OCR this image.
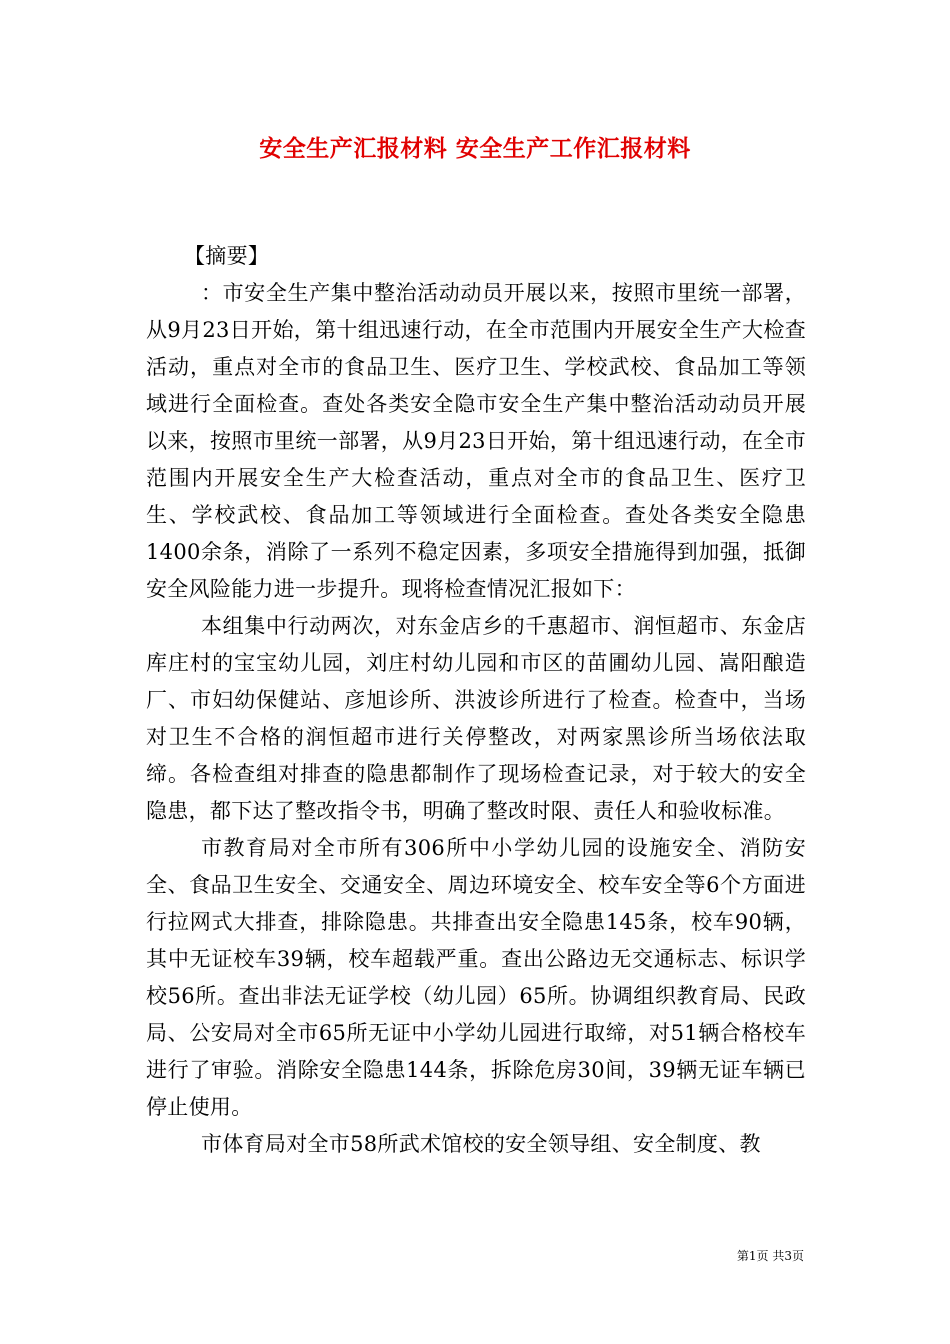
安全生产汇报材料 安全生产工作汇报材料

【摘要】

：市安全生产集中整治活动动员开展以来，按照市里统一部署，从9月23日开始，第十组迅速行动，在全市范围内开展安全生产大检查活动，重点对全市的食品卫生、医疗卫生、学校武校、食品加工等领域进行全面检查。查处各类安全隐市安全生产集中整治活动动员开展以来，按照市里统一部署，从9月23日开始，第十组迅速行动，在全市范围内开展安全生产大检查活动，重点对全市的食品卫生、医疗卫生、学校武校、食品加工等领域进行全面检查。查处各类安全隐患1400余条，消除了一系列不稳定因素，多项安全措施得到加强，抵御安全风险能力进一步提升。现将检查情况汇报如下：

本组集中行动两次，对东金店乡的千惠超市、润恒超市、东金店库庄村的宝宝幼儿园，刘庄村幼儿园和市区的苗圃幼儿园、嵩阳酿造厂、市妇幼保健站、彦旭诊所、洪波诊所进行了检查。检查中，当场对卫生不合格的润恒超市进行关停整改，对两家黑诊所当场依法取缔。各检查组对排查的隐患都制作了现场检查记录，对于较大的安全隐患，都下达了整改指令书，明确了整改时限、责任人和验收标准。

市教育局对全市所有306所中小学幼儿园的设施安全、消防安全、食品卫生安全、交通安全、周边环境安全、校车安全等6个方面进行拉网式大排查，排除隐患。共排查出安全隐患145条，校车90辆，其中无证校车39辆，校车超载严重。查出公路边无交通标志、标识学校56所。查出非法无证学校（幼儿园）65所。协调组织教育局、民政局、公安局对全市65所无证中小学幼儿园进行取缔，对51辆合格校车进行了审验。消除安全隐患144条，拆除危房30间，39辆无证车辆已停止使用。

市体育局对全市58所武术馆校的安全领导组、安全制度、教

第1页 共3页
